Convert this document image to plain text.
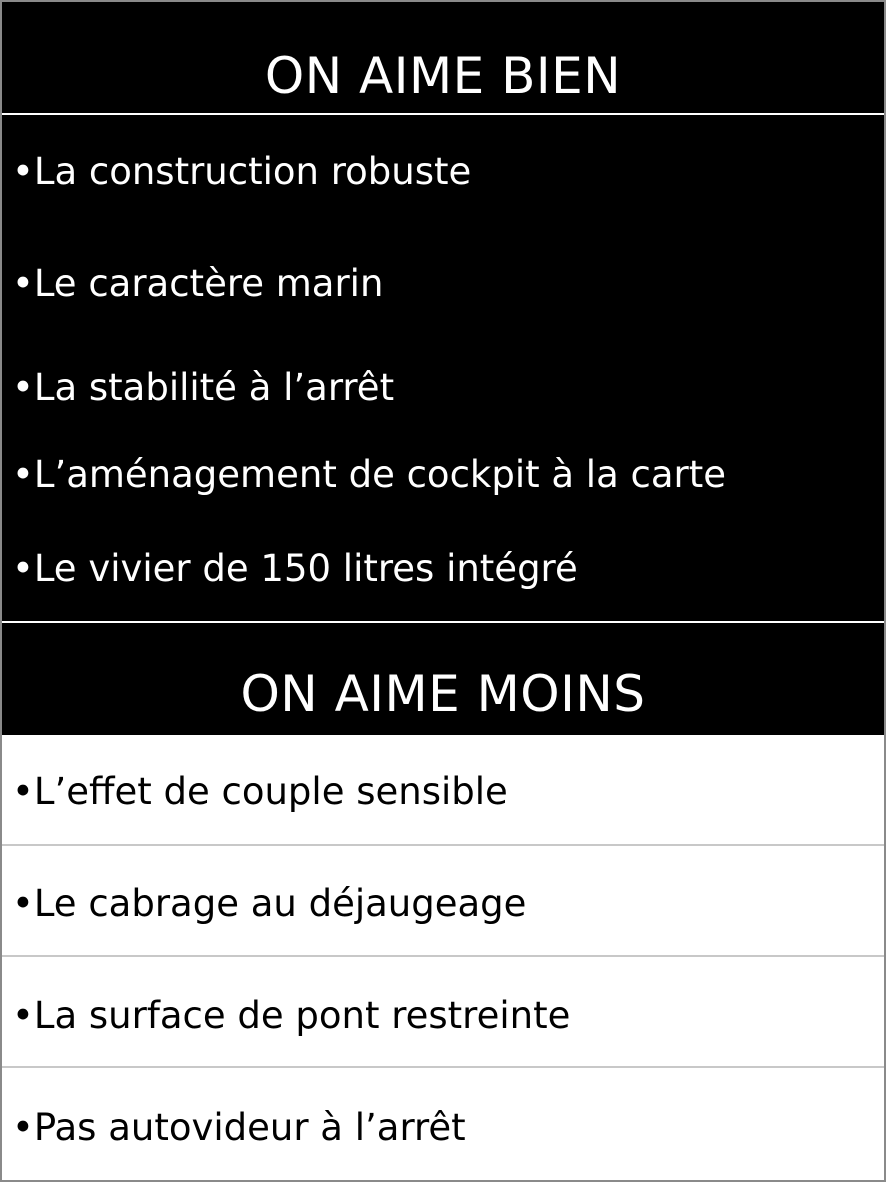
ON AIME BIEN
•La construction robuste
•Le caractère marin
•La stabilité à l’arrêt
•L’aménagement de cockpit à la carte
•Le vivier de 150 litres intégré
ON AIME MOINS
•L’effet de couple sensible
•Le cabrage au déjaugeage
•La surface de pont restreinte
•Pas autovideur à l’arrêt
